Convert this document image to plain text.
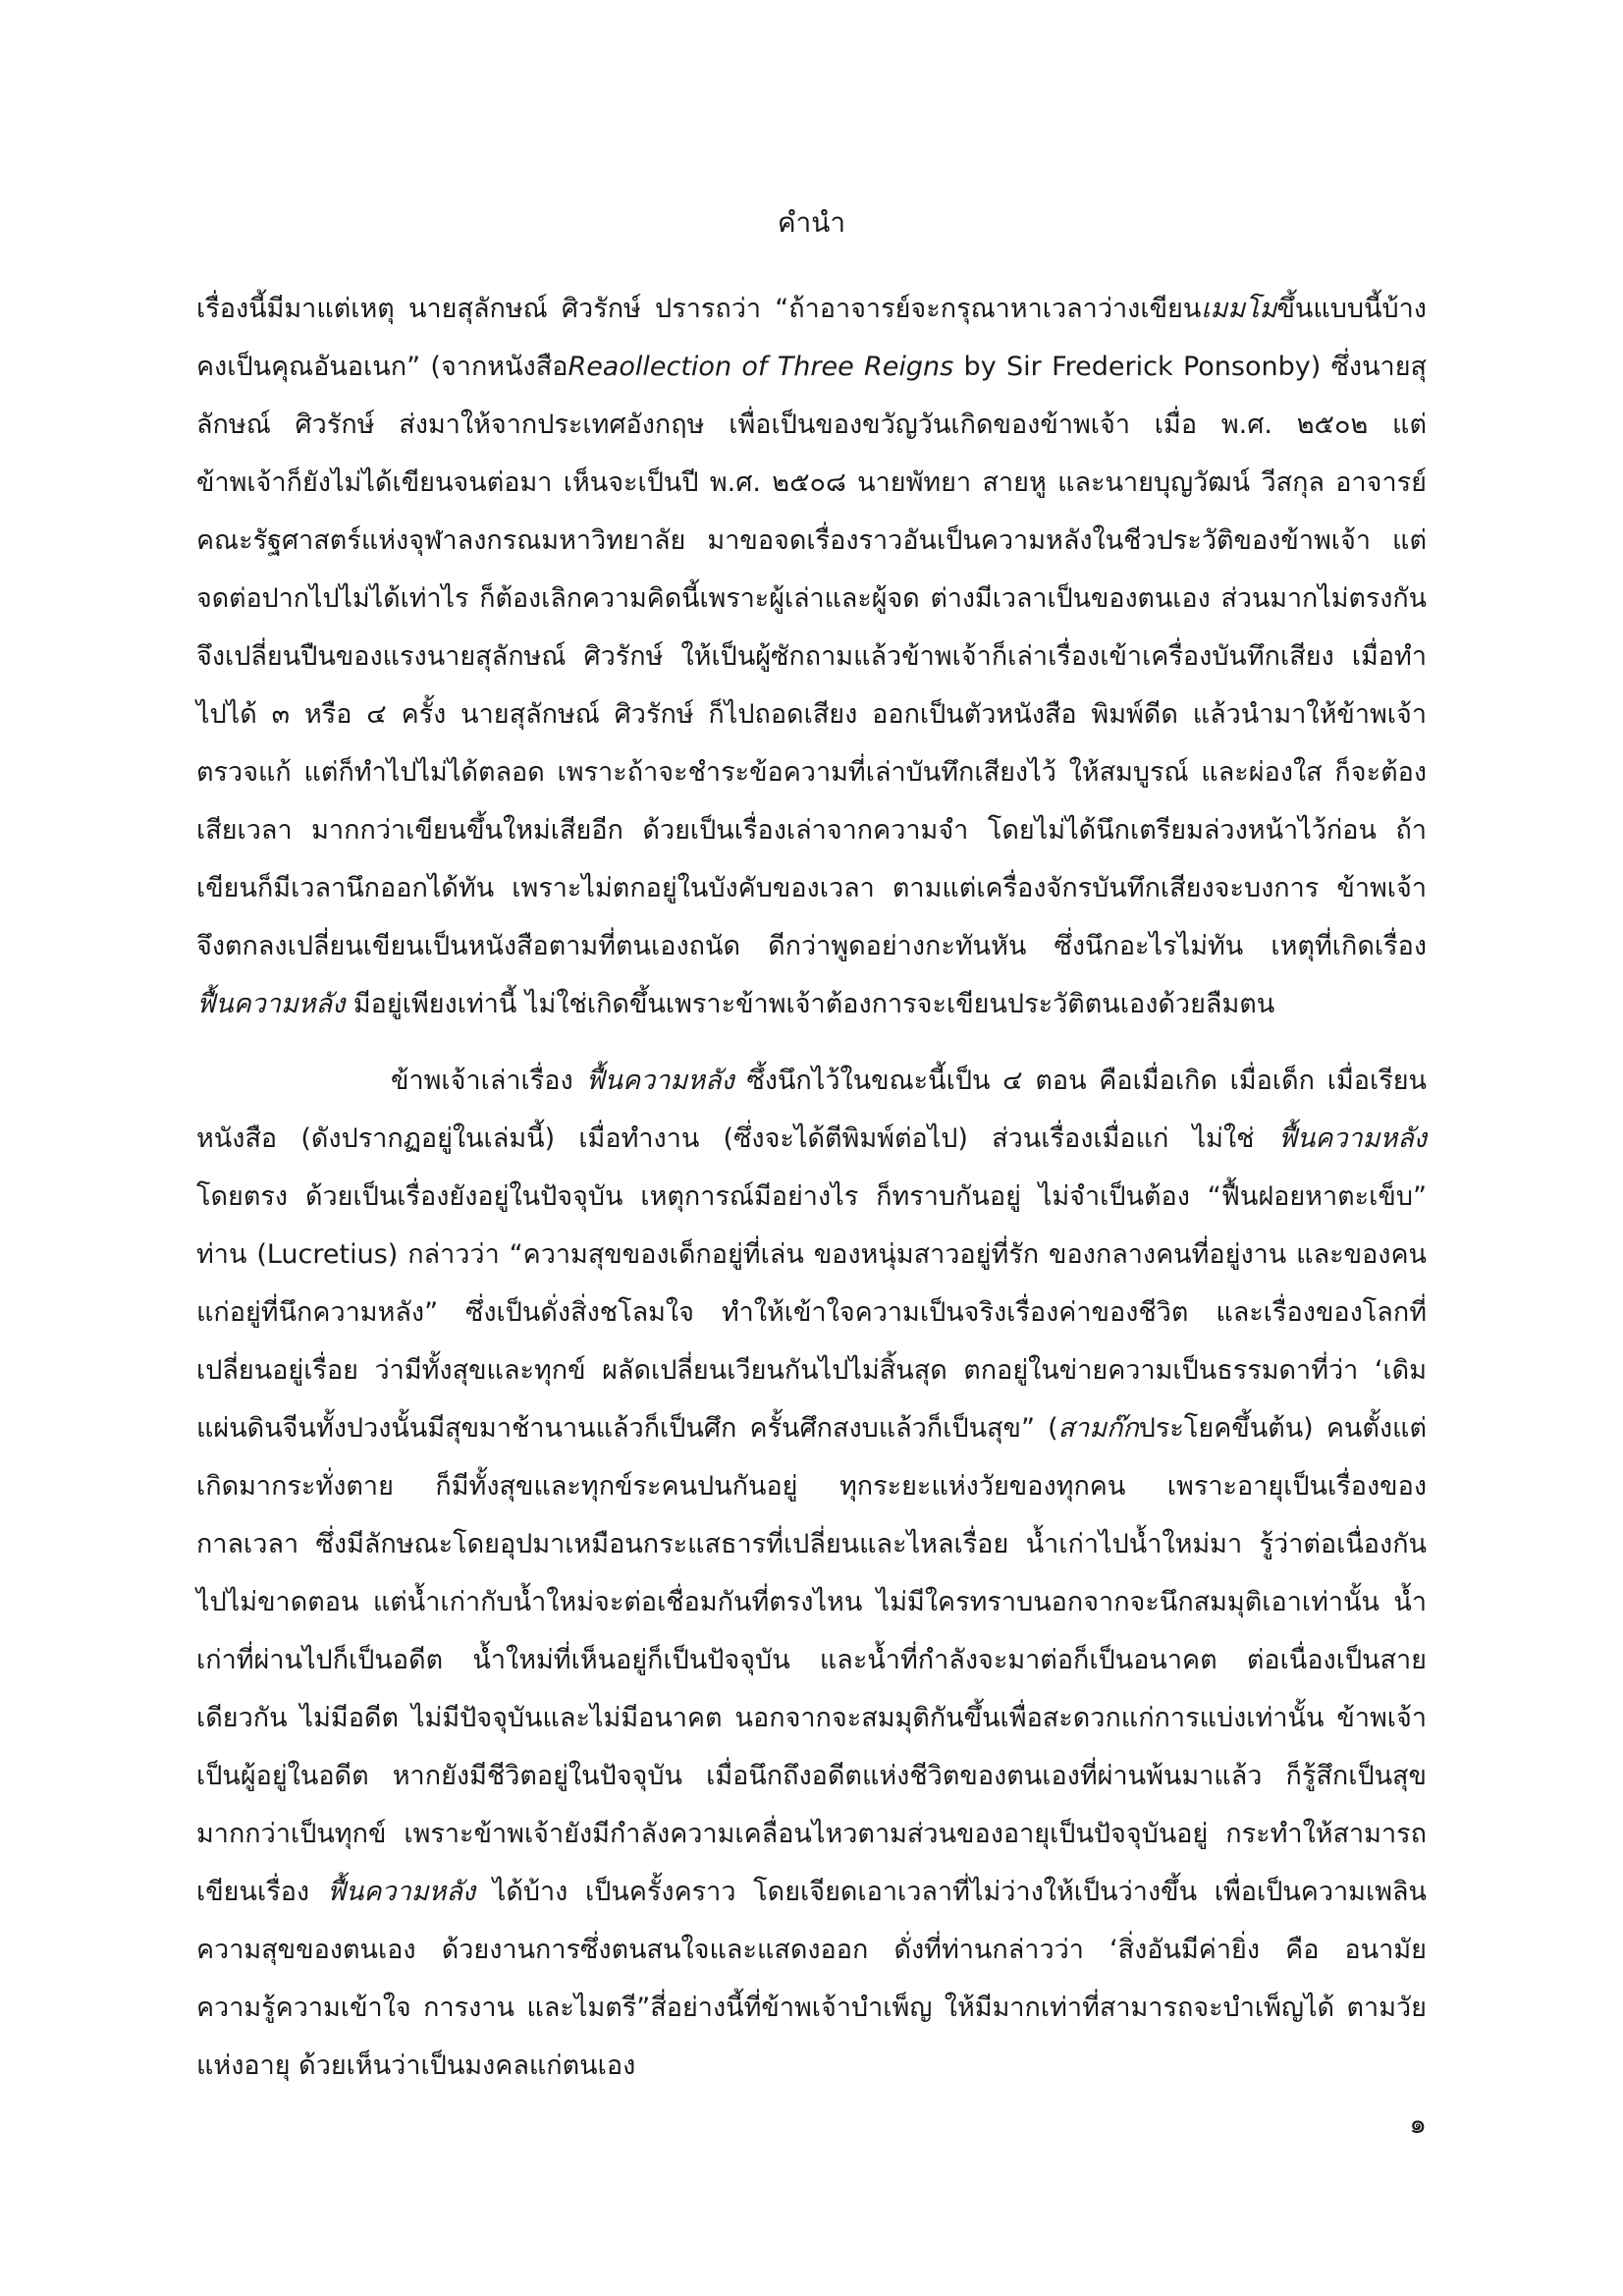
คำนำ
เรื่องนี้มีมาแต่เหตุ นายสุลักษณ์ ศิวรักษ์ ปรารถว่า “ถ้าอาจารย์จะกรุณาหาเวลาว่างเขียนเมมโมขึ้นแบบนี้บ้าง
คงเป็นคุณอันอเนก” (จากหนังสือReaollection of Three Reigns by Sir Frederick Ponsonby) ซึ่งนายสุ
ลักษณ์ ศิวรักษ์ ส่งมาให้จากประเทศอังกฤษ เพื่อเป็นของขวัญวันเกิดของข้าพเจ้า เมื่อ พ.ศ. ๒๕๐๒ แต่
ข้าพเจ้าก็ยังไม่ได้เขียนจนต่อมา เห็นจะเป็นปี พ.ศ. ๒๕๐๘ นายพัทยา สายหู และนายบุญวัฒน์ วีสกุล อาจารย์
คณะรัฐศาสตร์แห่งจุฬาลงกรณมหาวิทยาลัย มาขอจดเรื่องราวอันเป็นความหลังในชีวประวัติของข้าพเจ้า แต่
จดต่อปากไปไม่ได้เท่าไร ก็ต้องเลิกความคิดนี้เพราะผู้เล่าและผู้จด ต่างมีเวลาเป็นของตนเอง ส่วนมากไม่ตรงกัน
จึงเปลี่ยนปืนของแรงนายสุลักษณ์ ศิวรักษ์ ให้เป็นผู้ซักถามแล้วข้าพเจ้าก็เล่าเรื่องเข้าเครื่องบันทึกเสียง เมื่อทำ
ไปได้ ๓ หรือ ๔ ครั้ง นายสุลักษณ์ ศิวรักษ์ ก็ไปถอดเสียง ออกเป็นตัวหนังสือ พิมพ์ดีด แล้วนำมาให้ข้าพเจ้า
ตรวจแก้ แต่ก็ทำไปไม่ได้ตลอด เพราะถ้าจะชำระข้อความที่เล่าบันทึกเสียงไว้ ให้สมบูรณ์ และผ่องใส ก็จะต้อง
เสียเวลา มากกว่าเขียนขึ้นใหม่เสียอีก ด้วยเป็นเรื่องเล่าจากความจำ โดยไม่ได้นึกเตรียมล่วงหน้าไว้ก่อน ถ้า
เขียนก็มีเวลานึกออกได้ทัน เพราะไม่ตกอยู่ในบังคับของเวลา ตามแต่เครื่องจักรบันทึกเสียงจะบงการ ข้าพเจ้า
จึงตกลงเปลี่ยนเขียนเป็นหนังสือตามที่ตนเองถนัด ดีกว่าพูดอย่างกะทันหัน ซึ่งนึกอะไรไม่ทัน เหตุที่เกิดเรื่อง
ฟื้นความหลัง มีอยู่เพียงเท่านี้ ไม่ใช่เกิดขึ้นเพราะข้าพเจ้าต้องการจะเขียนประวัติตนเองด้วยลืมตน
ข้าพเจ้าเล่าเรื่อง ฟื้นความหลัง ซึ้งนึกไว้ในขณะนี้เป็น ๔ ตอน คือเมื่อเกิด เมื่อเด็ก เมื่อเรียน
หนังสือ (ดังปรากฏอยู่ในเล่มนี้) เมื่อทำงาน (ซึ่งจะได้ตีพิมพ์ต่อไป) ส่วนเรื่องเมื่อแก่ ไม่ใช่ ฟื้นความหลัง
โดยตรง ด้วยเป็นเรื่องยังอยู่ในปัจจุบัน เหตุการณ์มีอย่างไร ก็ทราบกันอยู่ ไม่จำเป็นต้อง “ฟื้นฝอยหาตะเข็บ”
ท่าน (Lucretius) กล่าวว่า “ความสุขของเด็กอยู่ที่เล่น ของหนุ่มสาวอยู่ที่รัก ของกลางคนที่อยู่งาน และของคน
แก่อยู่ที่นึกความหลัง” ซึ่งเป็นดั่งสิ่งชโลมใจ ทำให้เข้าใจความเป็นจริงเรื่องค่าของชีวิต และเรื่องของโลกที่
เปลี่ยนอยู่เรื่อย ว่ามีทั้งสุขและทุกข์ ผลัดเปลี่ยนเวียนกันไปไม่สิ้นสุด ตกอยู่ในข่ายความเป็นธรรมดาที่ว่า ‘เดิม
แผ่นดินจีนทั้งปวงนั้นมีสุขมาช้านานแล้วก็เป็นศึก ครั้นศึกสงบแล้วก็เป็นสุข” (สามก๊กประโยคขึ้นต้น) คนตั้งแต่
เกิดมากระทั่งตาย ก็มีทั้งสุขและทุกข์ระคนปนกันอยู่ ทุกระยะแห่งวัยของทุกคน เพราะอายุเป็นเรื่องของ
กาลเวลา ซึ่งมีลักษณะโดยอุปมาเหมือนกระแสธารที่เปลี่ยนและไหลเรื่อย น้ำเก่าไปน้ำใหม่มา รู้ว่าต่อเนื่องกัน
ไปไม่ขาดตอน แต่น้ำเก่ากับน้ำใหม่จะต่อเชื่อมกันที่ตรงไหน ไม่มีใครทราบนอกจากจะนึกสมมุติเอาเท่านั้น น้ำ
เก่าที่ผ่านไปก็เป็นอดีต น้ำใหม่ที่เห็นอยู่ก็เป็นปัจจุบัน และน้ำที่กำลังจะมาต่อก็เป็นอนาคต ต่อเนื่องเป็นสาย
เดียวกัน ไม่มีอดีต ไม่มีปัจจุบันและไม่มีอนาคต นอกจากจะสมมุติกันขึ้นเพื่อสะดวกแก่การแบ่งเท่านั้น ข้าพเจ้า
เป็นผู้อยู่ในอดีต หากยังมีชีวิตอยู่ในปัจจุบัน เมื่อนึกถึงอดีตแห่งชีวิตของตนเองที่ผ่านพ้นมาแล้ว ก็รู้สึกเป็นสุข
มากกว่าเป็นทุกข์ เพราะข้าพเจ้ายังมีกำลังความเคลื่อนไหวตามส่วนของอายุเป็นปัจจุบันอยู่ กระทำให้สามารถ
เขียนเรื่อง ฟื้นความหลัง ได้บ้าง เป็นครั้งคราว โดยเจียดเอาเวลาที่ไม่ว่างให้เป็นว่างขึ้น เพื่อเป็นความเพลิน
ความสุขของตนเอง ด้วยงานการซึ่งตนสนใจและแสดงออก ดั่งที่ท่านกล่าวว่า ‘สิ่งอันมีค่ายิ่ง คือ อนามัย
ความรู้ความเข้าใจ การงาน และไมตรี”สี่อย่างนี้ที่ข้าพเจ้าบำเพ็ญ ให้มีมากเท่าที่สามารถจะบำเพ็ญได้ ตามวัย
แห่งอายุ ด้วยเห็นว่าเป็นมงคลแก่ตนเอง
๑
